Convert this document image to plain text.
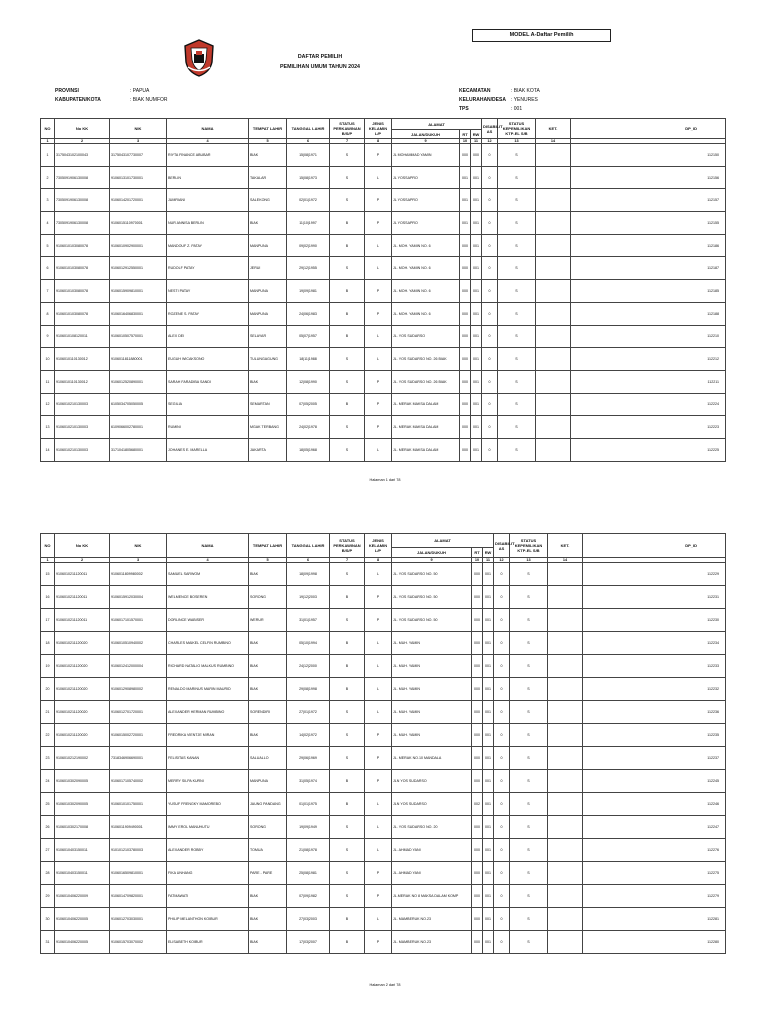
MODEL A-Daftar Pemilih
DAFTAR PEMILIH
PEMILIHAN UMUM TAHUN 2024
PROVINSI	: PAPUA
KABUPATEN/KOTA	: BIAK NUMFOR
KECAMATAN	: BIAK KOTA
KELURAHAN/DESA : YENURES
TPS	: 001
NO	No KK	NIK	NAMA	TEMPAT LAHIR	TANGGAL LAHIR	STATUS PERKAWINAN B/S/P	JENIS KELAMIN L/P	ALAMAT			DISABILIT AS	STATUS KEPEMILIKAN KTP-EL S/B	KET.	DP_ID
								JALAN/DUKUH	RT	RW				
1	2	3	4	5	6	7	8	9	10	11	12	13	14	
1	3175043102100043	3175043107730007	RIYTA FINANCE ABUBAR	BIAK	15|08|1971	S	P	JL MOHAMMAD YAMIN	000	000	0	S		112150
2	7305091906130008	9106013101730001	BERLIN	TAKALAR	15|08|1973	S	L	JL YOSSAPRO	001	001	0	S		112156
3	7305091906130008	9106014201720001	JUMRIANI	SALEKONG	02|01|1972	S	P	JL YOSSAPRO	001	001	0	S		112157
4	7305091906130008	9106015110970001	NUR ANNISA BERLIN	BIAK	11|10|1997	B	P	JL YOSSAPRO	001	001	0	S		112155
5	9106010103080078	9106010902900001	MANDOUF Z. PATAY	MANPUNA	09|02|1990	B	L	JL. MOH. YAMIN NO. 6	000	001	0	S		112186
6	9106010103080078	9106012912550001	RUDOLF PATAY	JERUI	29|12|1955	S	L	JL. MOH. YAMIN NO. 6	000	001	0	S		112187
7	9106010103080078	9106015909810001	NESTI PATAY	MANPUNA	19|09|1981	B	P	JL. MOH. YAMIN NO. 6	000	001	0	S		112185
8	9106010103080078	9106016406830001	ROZENE S. PATAY	MANPUNA	24|06|1983	B	P	JL. MOH. YAMIN NO. 6	000	001	0	S		112188
9	9106010108120011	9106010507570001	ALEX DEI	SELAYAR	05|07|1957	B	L	JL. YOS SUDARSO	000	001	0	S		112210
10	9106010110130012	9106011811880001	EUGUH WICAKSONO	TULUNGAGUNG	18|11|1988	S	L	JL. YOS SUDARSO NO. 26 BIAK	000	001	0	S		112212
11	9106010110130012	9106012520890001	SARAH FARADIBA SANDI	BIAK	12|08|1990	S	P	JL. YOS SUDARSO NO. 26 BIAK	000	001	0	S		112211
12	9106010210130003	6105034705050005	SEGILIA	SEMARTAN	07|05|2005	B	P	JL. MERAK MAKSA DALAM	000	001	0	S		112224
13	9106010210130003	6109066002780001	RUMINI	MGAK TERBANG	24|02|1978	S	P	JL. MERAK MAKSA DALAM	000	001	0	S		112223
14	9106010210130003	3171041805680001	JOHANES E. MARELLA	JAKARTA	18|05|1968	S	L	JL. MERAK MAKSA DALAM	000	001	0	S		112225
Halaman 1 dari 78
NO	No KK	NIK	NAMA	TEMPAT LAHIR	TANGGAL LAHIR	STATUS PERKAWINAN B/S/P	JENIS KELAMIN L/P	ALAMAT			DISABILIT AS	STATUS KEPEMILIKAN KTP-EL S/B	KET.	DP_ID
								JALAN/DUKUH	RT	RW				
1	2	3	4	5	6	7	8	9	10	11	12	13	14	
15	9106010211120011	9106011809980002	SAMUEL SARWOM	BIAK	18|09|1998	S	L	JL. YOS SUDARSO NO. 50	000	001	0	S		112229
16	9106010211120011	9106015912030004	WELMENCE BOSEREN	SORONG	19|12|2003	B	P	JL. YOS SUDARSO NO. 50	000	001	0	S		112231
17	9106010211120011	9106017101570001	DORLINCE WABISER	WERUR	31|01|1957	S	P	JL. YOS SUDARSO NO. 50	000	001	0	S		112230
18	9106010211120020	9106010510940002	CHARLES MAIKEL CELFIN RUMBINO	BIAK	05|10|1994	B	L	JL. MUH. YAMIN	000	001	0	S		112234
19	9106010211120020	9106012412000004	RICHARD NATALIO MALKUS RUMBINO	BIAK	24|12|2000	B	L	JL. MUH. YAMIN	000	001	0	S		112233
20	9106010211120020	9106012908980002	RENALDO MARINUS MARIN MAURID	BIAK	29|08|1998	B	L	JL. MUH. YAMIN	000	001	0	S		112232
21	9106010211120020	9106012701720001	ALEXANDER HERMAN RUMBINO	SORENDIRI	27|01|1972	S	L	JL. MUH. YAMIN	000	001	0	S		112236
22	9106010211120020	9106015002720001	FREDRIKA VIENTJE MIRAN	BIAK	14|02|1972	S	P	JL. MUH. YAMIN	000	001	0	S		112235
23	9106010212190002	7318346906690001	FELISITAS KANAN	SALUALLO	29|06|1969	S	P	JL. MERAK NO.10 MANDALA	000	001	0	S		112237
24	9106010302090005	9106017105740002	MERRY SILPA KURNI	MANPUNA	31|05|1974	B	P	JLN YOS SUDARSO	000	001	0	S		112245
25	9106010302090005	9106010101750001	YUSUF FRENGKY MAMOREBO	JAUNG PANDANG	01|01|1975	B	L	JLN YOS SUDARSO	002	001	0	S		112246
26	9106010302170008	9106011909490001	IMMY EROL MANUHUTU	SORONG	19|09|1949	S	L	JL. YOS SUDARSO NO. 20	000	001	0	S		112247
27	9106010403150011	9101012103780003	ALEXANDER ROBBY	TOMUA	21|08|1978	S	L	JL. AHMAD YANI	000	001	0	S		112276
28	9106010403150011	9106016509810001	FIKA UNHANG	PARE - PARE	25|08|1981	S	P	JL. AHMAD YANI	000	001	0	S		112275
29	9106010406220009	9106014709820001	FATMAWATI	BIAK	07|09|1982	S	P	JL.MERAK NO 8 MAKSA DALAM KOMP	000	001	0	S		112279
30	9106010406220005	9106012703030001	PHILIP MELANTHON KOIBUR	BIAK	27|03|2003	B	L	JL. MAMBERUK NO.23	000	001	0	S		112281
31	9106010406220005	9106015703070002	ELISABETH KOIBUR	BIAK	17|03|2007	B	P	JL. MAMBERUK NO.23	000	001	0	S		112280
Halaman 2 dari 78
